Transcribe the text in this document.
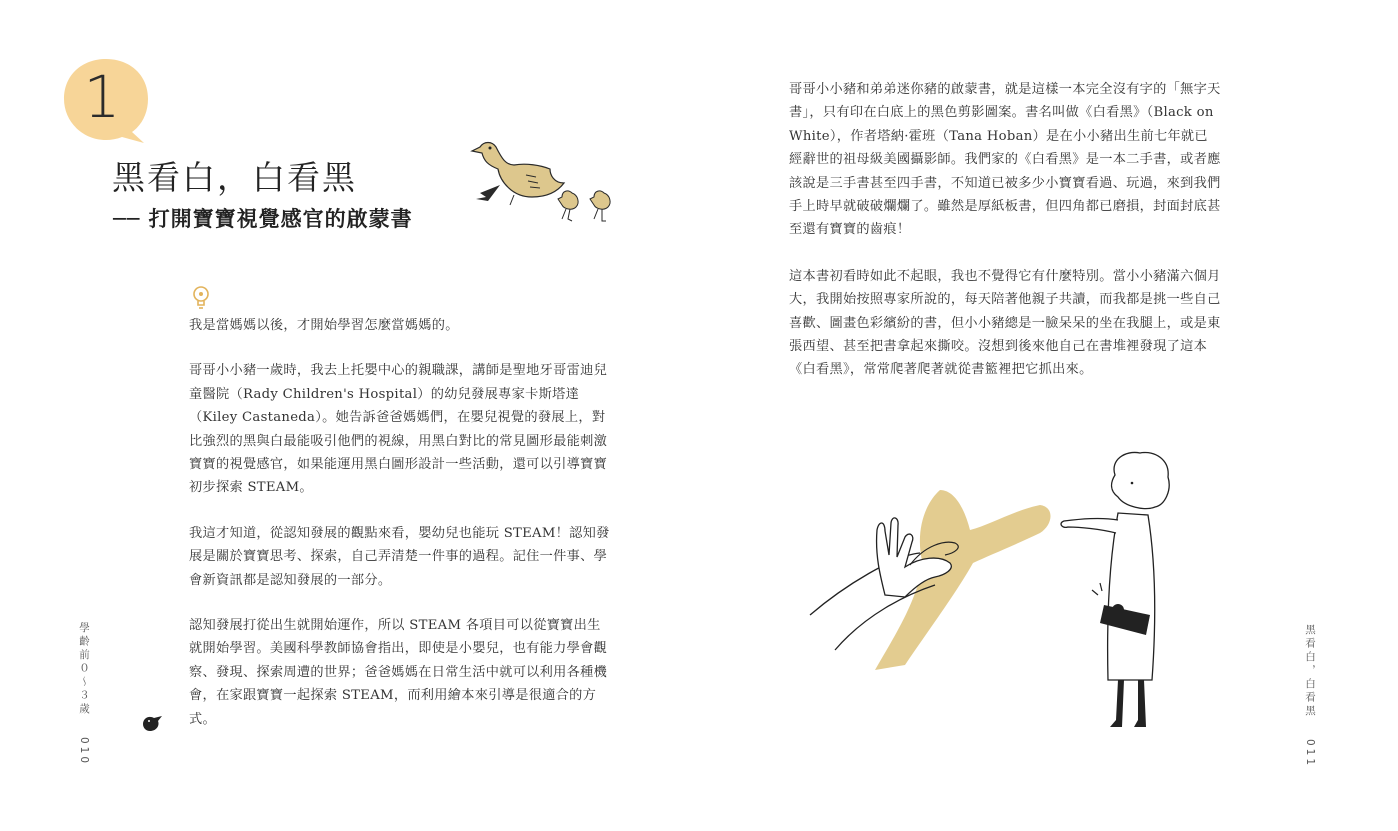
1
黑看白，白看黑
── 打開寶寶視覺感官的啟蒙書

我是當媽媽以後，才開始學習怎麼當媽媽的。

哥哥小小豬一歲時，我去上托嬰中心的親職課，講師是聖地牙哥雷迪兒童醫院（Rady Children's Hospital）的幼兒發展專家卡斯塔達（Kiley Castaneda）。她告訴爸爸媽媽們，在嬰兒視覺的發展上，對比強烈的黑與白最能吸引他們的視線，用黑白對比的常見圖形最能刺激寶寶的視覺感官，如果能運用黑白圖形設計一些活動，還可以引導寶寶初步探索 STEAM。

我這才知道，從認知發展的觀點來看，嬰幼兒也能玩 STEAM！認知發展是關於寶寶思考、探索，自己弄清楚一件事的過程。記住一件事、學會新資訊都是認知發展的一部分。

認知發展打從出生就開始運作，所以 STEAM 各項目可以從寶寶出生就開始學習。美國科學教師協會指出，即使是小嬰兒，也有能力學會觀察、發現、探索周遭的世界；爸爸媽媽在日常生活中就可以利用各種機會，在家跟寶寶一起探索 STEAM，而利用繪本來引導是很適合的方式。

哥哥小小豬和弟弟迷你豬的啟蒙書，就是這樣一本完全沒有字的「無字天書」，只有印在白底上的黑色剪影圖案。書名叫做《白看黑》（Black on White），作者塔納·霍班（Tana Hoban）是在小小豬出生前七年就已經辭世的祖母級美國攝影師。我們家的《白看黑》是一本二手書，或者應該說是三手書甚至四手書，不知道已被多少小寶寶看過、玩過，來到我們手上時早就破破爛爛了。雖然是厚紙板書，但四角都已磨損，封面封底甚至還有寶寶的齒痕！

這本書初看時如此不起眼，我也不覺得它有什麼特別。當小小豬滿六個月大，我開始按照專家所說的，每天陪著他親子共讀，而我都是挑一些自己喜歡、圖畫色彩繽紛的書，但小小豬總是一臉呆呆的坐在我腿上，或是東張西望、甚至把書拿起來撕咬。沒想到後來他自己在書堆裡發現了這本《白看黑》，常常爬著爬著就從書籃裡把它抓出來。

學齡前０～３歲 010
黑看白，白看黑 011
